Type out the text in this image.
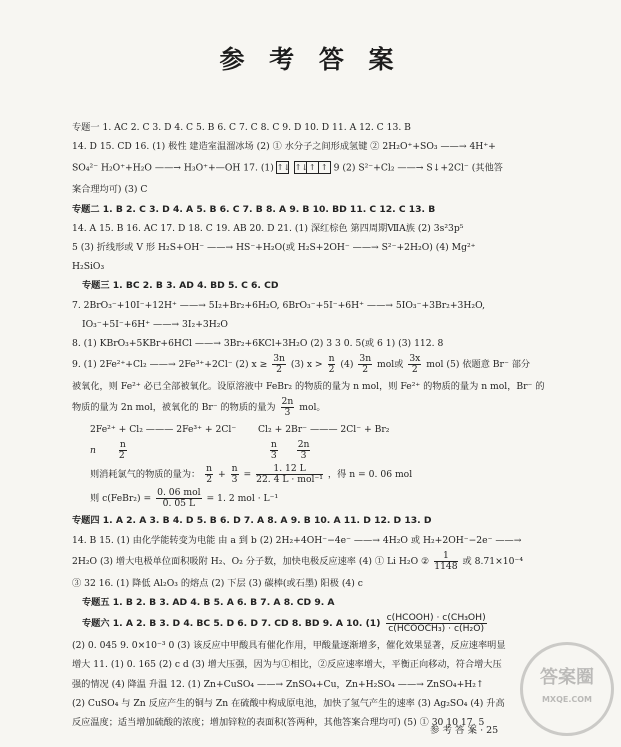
参 考 答 案
专题一 1. AC 2. C 3. D 4. C 5. B 6. C 7. C 8. C 9. D 10. D 11. A 12. C 13. B
14. D 15. CD 16. (1) 极性 建造室温溜冰场 (2) ① 水分子之间形成氢键 ② 2H₂O⁺+SO₃ ——→ 4H⁺+
SO₄²⁻ H₂O⁺+H₂O ——→ H₃O⁺+—OH 17. (1) ↑↓ ↑↓↑ ↑ 9 (2) S²⁻+Cl₂ ——→ S↓+2Cl⁻ (其他答
案合理均可) (3) C
专题二 1. B 2. C 3. D 4. A 5. B 6. C 7. B 8. A 9. B 10. BD 11. C 12. C 13. B
14. A 15. B 16. AC 17. D 18. C 19. AB 20. D 21. (1) 深红棕色 第四周期ⅦA族 (2) 3s²3p⁵
5 (3) 折线形或 V 形 H₂S+OH⁻ ——→ HS⁻+H₂O(或 H₂S+2OH⁻ ——→ S²⁻+2H₂O) (4) Mg²⁺
H₂SiO₃
专题三 1. BC 2. B 3. AD 4. BD 5. C 6. CD
7. 2BrO₃⁻+10I⁻+12H⁺ ——→ 5I₂+Br₂+6H₂O, 6BrO₃⁻+5I⁻+6H⁺ ——→ 5IO₃⁻+3Br₂+3H₂O,
IO₃⁻+5I⁻+6H⁺ ——→ 3I₂+3H₂O
8. (1) KBrO₃+5KBr+6HCl ——→ 3Br₂+6KCl+3H₂O (2) 3 3 0. 5(或 6 1) (3) 112. 8
9. (1) 2Fe²⁺+Cl₂ ——→ 2Fe³⁺+2Cl⁻ (2) $x \ge \frac{3n}{2} (3) x > \frac{n}{2} (4) \frac{3n}{2}$ mol或 $\frac{3x}{2}$ mol (5) 依题意 Br⁻ 部分
被氧化，则 Fe²⁺ 必已全部被氧化。设原溶液中 FeBr₂ 的物质的量为 n mol，则 Fe²⁺ 的物质的量为 n mol，Br⁻ 的
物质的量为 2n mol，被氧化的 Br⁻ 的物质的量为 $\frac{2n}{3}$ mol。
2Fe²⁺ + Cl₂ ——— 2Fe³⁺ + 2Cl⁻ Cl₂ + 2Br⁻ ——— 2Cl⁻ + Br₂
n	$\frac{n}{2}$
$\frac{n}{3}$
$\frac{2n}{3}$
则消耗氯气的物质的量为： $\frac{n}{2} + \frac{n}{3} = \frac{1. 12 L}{\text{22. 4 L · mol⁻¹}}$ ，得 n = 0. 06 mol
则 c(FeBr₂) = $\frac{\text{0. 06 mol}}{0. 05 L} = 1$. 2 mol · L⁻¹
专题四 1. A 2. A 3. B 4. D 5. B 6. D 7. A 8. A 9. B 10. A 11. D 12. D 13. D
14. B 15. (1) 由化学能转变为电能 由 a 到 b (2) 2H₂+4OH⁻−4e⁻ ——→ 4H₂O 或 H₂+2OH⁻−2e⁻ ——→
2H₂O (3) 增大电极单位面积吸附 H₂、O₂ 分子数，加快电极反应速率 (4) ① Li H₂O ② $\frac{1}{1148}$ 或 8.71×10⁻⁴
③ 32 16. (1) 降低 Al₂O₃ 的熔点 (2) 下层 (3) 碳棒(或石墨) 阳极 (4) c
专题五 1. B 2. B 3. AD 4. B 5. A 6. B 7. A 8. CD 9. A
专题六 1. A 2. B 3. D 4. BC 5. D 6. D 7. CD 8. BD 9. A 10. $(1) \frac{\text{c(HCOOH) · c(CH₃OH)}}{\text{c(HCOOCH₃) · c(H₂O)}}$
(2) 0. 045 9. 0×10⁻³ 0 (3) 该反应中甲酸具有催化作用，甲酸量逐渐增多，催化效果显著，反应速率明显
增大 11. (1) 0. 165 (2) c d (3) 增大压强，因为与①相比，②反应速率增大，平衡正向移动，符合增大压
强的情况 (4) 降温 升温 12. (1) Zn+CuSO₄ ——→ ZnSO₄+Cu，Zn+H₂SO₄ ——→ ZnSO₄+H₂↑
(2) CuSO₄ 与 Zn 反应产生的铜与 Zn 在硫酸中构成原电池，加快了氢气产生的速率 (3) Ag₂SO₄ (4) 升高
反应温度；适当增加硫酸的浓度；增加锌粒的表面积(答两种，其他答案合理均可) (5) ① 30 10 17. 5
参 考 答 案 · 25
答案圈
MXQE.COM
